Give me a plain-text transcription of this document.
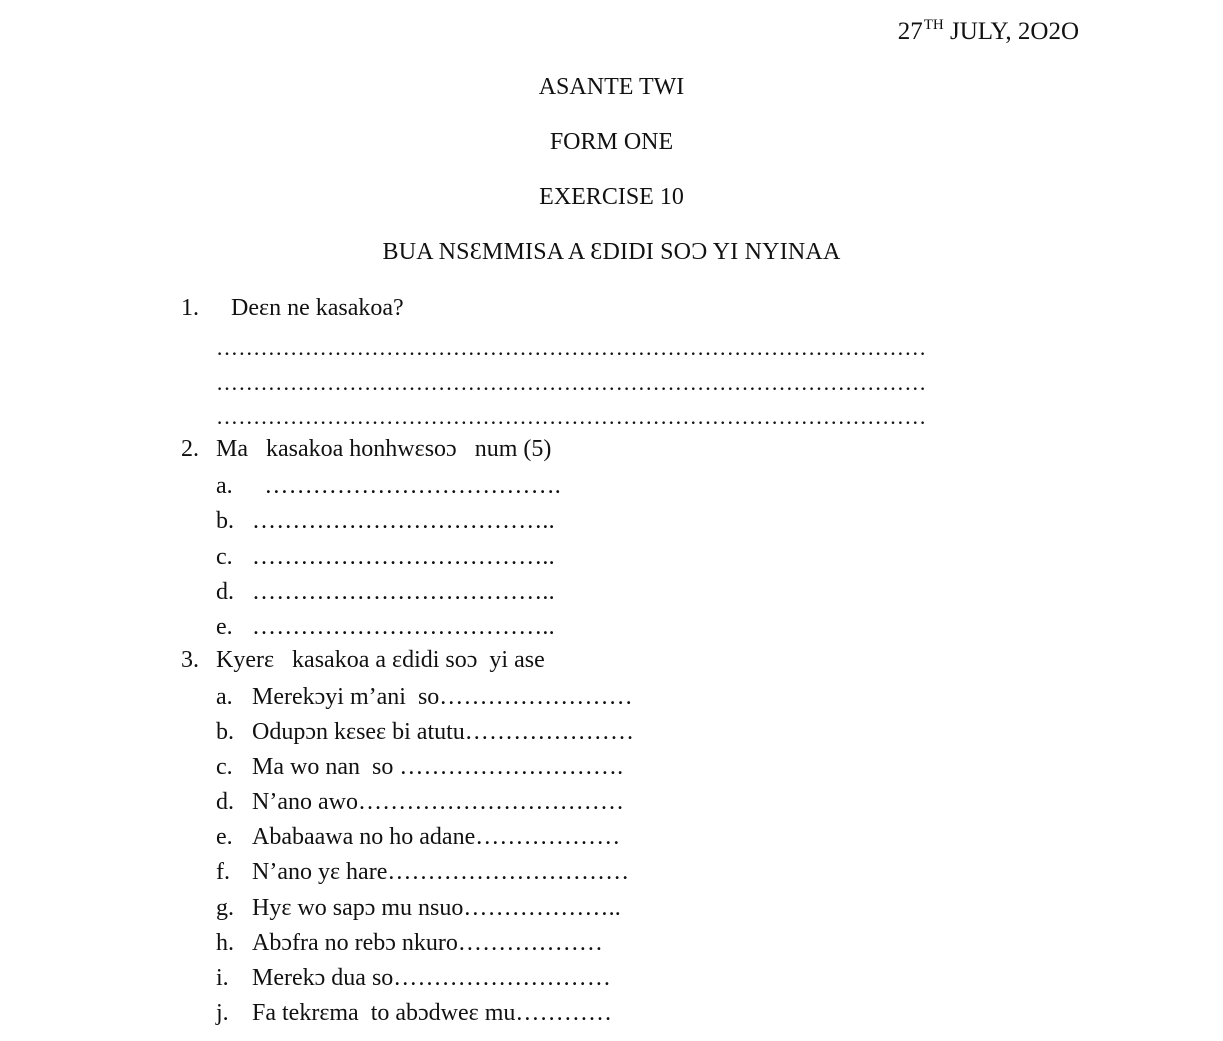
27TH JULY, 2O2O
ASANTE TWI
FORM ONE
EXERCISE 10
BUA NSƐMMISA A ƐDIDI SOƆ YI NYINAA
1. Deɛn ne kasakoa?
……………………………………………………………………………………
……………………………………………………………………………………
……………………………………………………………………………………
2. Ma   kasakoa honhwɛsoɔ   num (5)
a.  ……………………………….
b. ………………………………..
c. ………………………………..
d. ………………………………..
e. ………………………………..
3. Kyerɛ   kasakoa a ɛdidi soɔ  yi ase
a. Merekɔyi m’ani  so……………………
b. Odupɔn kɛseɛ bi atutu…………………
c. Ma wo nan  so ……………………….
d. N’ano awo……………………………
e. Ababaawa no ho adane………………
f. N’ano yɛ hare…………………………
g. Hyɛ wo sapɔ mu nsuo………………..
h. Abɔfra no rebɔ nkuro………………
i. Merekɔ dua so………………………
j. Fa tekrɛma  to abɔdweɛ mu…………
